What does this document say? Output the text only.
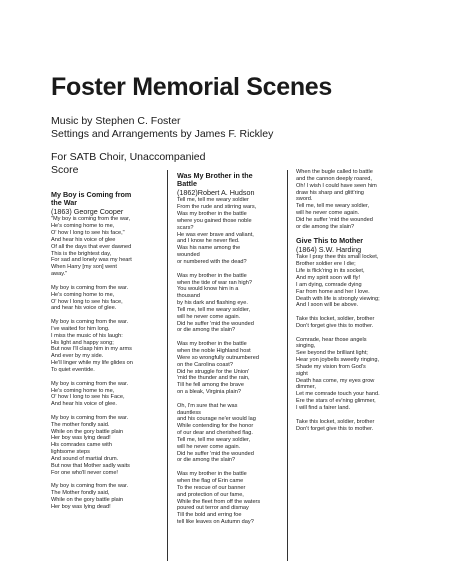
Foster Memorial Scenes
Music by Stephen C. Foster
Settings and Arrangements by James F. Rickley
For SATB Choir, Unaccompanied
Score
My Boy is Coming from
the War
(1863) George Cooper

"My boy is coming from the war,
He's coming home to me,
O' how I long to see his face,"
And hear his voice of glee
Of all the days that ever dawned
This is the brightest day,
For sad and lonely was my heart
When Harry [my son] went
away."

My boy is coming from the war.
He's coming home to me,
O' how I long to see his face,
and hear his voice of glee.

My boy is coming from the war.
I've waited for him long.
I miss the music of his laugh:
His light and happy song;
But now I'll clasp him in my arms
And ever by my side.
He'll linger while my life glides on
To quiet eventide.

My boy is coming from the war.
He's coming home to me,
O' how I long to see his Face,
And hear his voice of glee.

My boy is coming from the war.
The mother fondly said.
While on the gory battle plain
Her boy was lying dead!
His comrades came with
lightsome steps
And sound of martial drum.
But now that Mother sadly waits
For one who'll never come!

My boy is coming from the war.
The Mother fondly said,
While on the gory battle plain
Her boy was lying dead!

Was My Brother in the
Battle
(1862)Robert A. Hudson

Tell me, tell me weary soldier
From the rude and stirring wars,
Was my brother in the battle
where you gained those noble
scars?
He was ever brave and valiant,
and I know he never fled.
Was his name among the
wounded
or numbered with the dead?

Was my brother in the battle
when the tide of war ran high?
You would know him in a
thousand
by his dark and flashing eye.
Tell me, tell me weary soldier,
will he never come again.
Did he suffer 'mid the wounded
or die among the slain?

Was my brother in the battle
when the noble Highland host
Were so wrongfully outnumbered
on the Carolina coast?
Did he struggle for the Union'
'mid the thunder and the rain,
Till he fell among the brave
on a bleak, Virginia plain?

Oh, I'm sure that he was
dauntless
and his courage ne'er would lag
While contending for the honor
of our dear and cherished flag.
Tell me, tell me weary soldier,
will he never come again.
Did he suffer 'mid the wounded
or die among the slain?

Was my brother in the battle
when the flag of Erin came
To the rescue of our banner
and protection of our fame,
While the fleet from off the waters
poured out terror and dismay
Till the bold and erring foe
tell like leaves on Autumn day?

When the bugle called to battle
and the cannon deeply roared,
Oh! I wish I could have seen him
draw his sharp and glitt'ring
sword.
Tell me, tell me weary soldier,
will he never come again.
Did he suffer 'mid the wounded
or die among the slain?

Give This to Mother
(1864) S.W. Harding

Take I pray thee this small locket,
Brother soldier ere I die;
Life is flick'ring in its socket,
And my spirit soon will fly!
I am dying, comrade dying
Far from home and her I love.
Death with life is strongly viewing;
And I soon will be above.

Take this locket, soldier, brother
Don't forget give this to mother.

Comrade, hear those angels
singing,
See beyond the brilliant light;
Hear yon joybells sweetly ringing,
Shade my vision from God's
sight
Death has come, my eyes grow
dimmer,
Let me comrade touch your hand.
Ere the stars of ev'ning glimmer,
I will find a fairer land.

Take this locket, soldier, brother
Don't forget give this to mother.
